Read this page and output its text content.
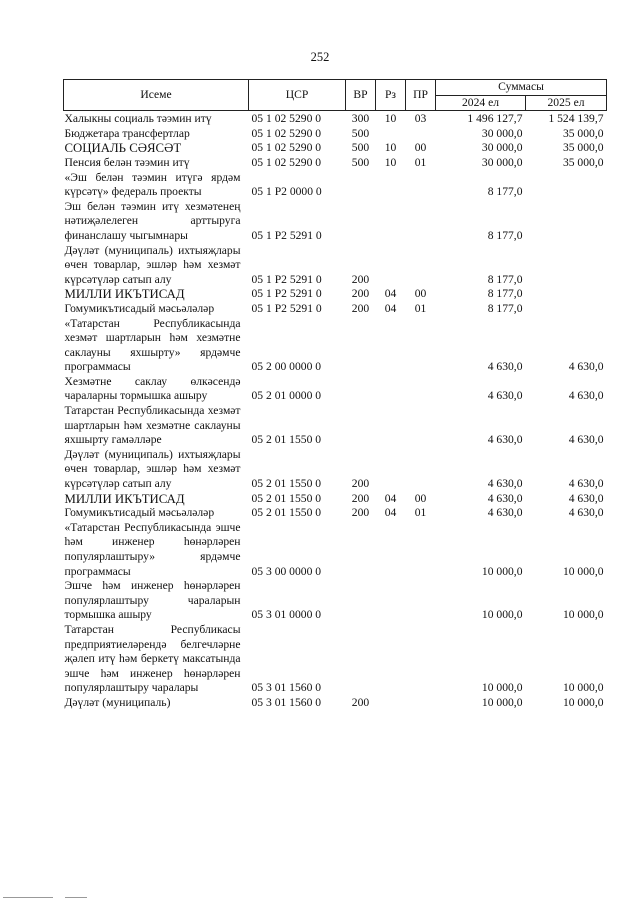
252
Исеме	ЦСР	ВР	Рз	ПР	Суммасы	
					2024 ел	2025 ел
Халыкны социаль тәэмин итү	05 1 02 5290 0	300	10	03	1 496 127,7	1 524 139,7
Бюджетара трансфертлар	05 1 02 5290 0	500			30 000,0	35 000,0
СОЦИАЛЬ СӘЯСӘТ	05 1 02 5290 0	500	10	00	30 000,0	35 000,0
Пенсия белән тәэмин итү	05 1 02 5290 0	500	10	01	30 000,0	35 000,0
«Эш белән тәэмин итүгә ярдәм күрсәтү» федераль проекты	05 1 Р2 0000 0				8 177,0	
Эш белән тәэмин итү хезмәтенең нәтиҗәлелеген арттыруга финанслашу чыгымнары	05 1 Р2 5291 0				8 177,0	
Дәүләт (муниципаль) ихтыяҗлары өчен товарлар, эшләр һәм хезмәт күрсәтүләр сатып алу	05 1 Р2 5291 0	200			8 177,0	
МИЛЛИ ИКЪТИСАД	05 1 Р2 5291 0	200	04	00	8 177,0	
Гомумикътисадый мәсьәләләр	05 1 Р2 5291 0	200	04	01	8 177,0	
«Татарстан Республикасында хезмәт шартларын һәм хезмәтне саклауны яхшырту» ярдәмче программасы	05 2 00 0000 0				4 630,0	4 630,0
Хезмәтне саклау өлкәсендә чараларны тормышка ашыру	05 2 01 0000 0				4 630,0	4 630,0
Татарстан Республикасында хезмәт шартларын һәм хезмәтне саклауны яхшырту гамәлләре	05 2 01 1550 0				4 630,0	4 630,0
Дәүләт (муниципаль) ихтыяҗлары өчен товарлар, эшләр һәм хезмәт күрсәтүләр сатып алу	05 2 01 1550 0	200			4 630,0	4 630,0
МИЛЛИ ИКЪТИСАД	05 2 01 1550 0	200	04	00	4 630,0	4 630,0
Гомумикътисадый мәсьәләләр	05 2 01 1550 0	200	04	01	4 630,0	4 630,0
«Татарстан Республикасында эшче һәм инженер һөнәрләрен популярлаштыру» ярдәмче программасы	05 3 00 0000 0				10 000,0	10 000,0
Эшче һәм инженер һөнәрләрен популярлаштыру чараларын тормышка ашыру	05 3 01 0000 0				10 000,0	10 000,0
Татарстан Республикасы предприятиеләрендә белгечләрне җәлеп итү һәм беркетү максатында эшче һәм инженер һөнәрләрен популярлаштыру чаралары	05 3 01 1560 0				10 000,0	10 000,0
Дәүләт (муниципаль)	05 3 01 1560 0	200			10 000,0	10 000,0
